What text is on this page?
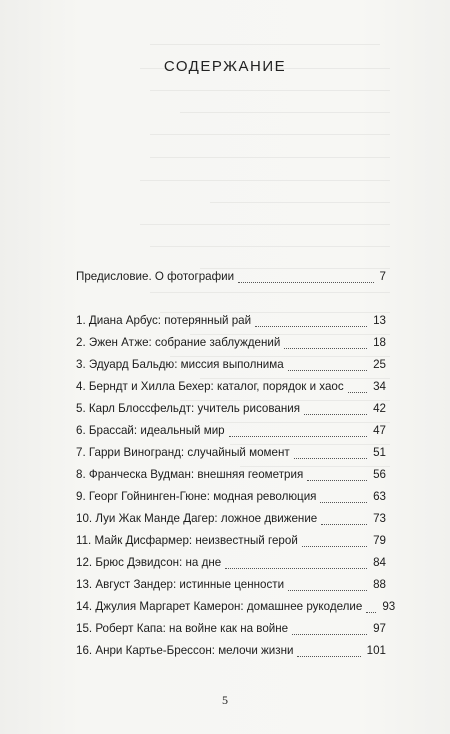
СОДЕРЖАНИЕ
Предисловие. О фотографии	7
1. Диана Арбус: потерянный рай	13
2. Эжен Атже: собрание заблуждений	18
3. Эдуард Бальдю: миссия выполнима	25
4. Берндт и Хилла Бехер: каталог, порядок и хаос	34
5. Карл Блоссфельдт: учитель рисования	42
6. Брассай: идеальный мир	47
7. Гарри Виногранд: случайный момент	51
8. Франческа Вудман: внешняя геометрия	56
9. Георг Гойнинген-Гюне: модная революция	63
10. Луи Жак Манде Дагер: ложное движение	73
11. Майк Дисфармер: неизвестный герой	79
12. Брюс Дэвидсон: на дне	84
13. Август Зандер: истинные ценности	88
14. Джулия Маргарет Камерон: домашнее рукоделие	93
15. Роберт Капа: на войне как на войне	97
16. Анри Картье-Брессон: мелочи жизни	101
5
